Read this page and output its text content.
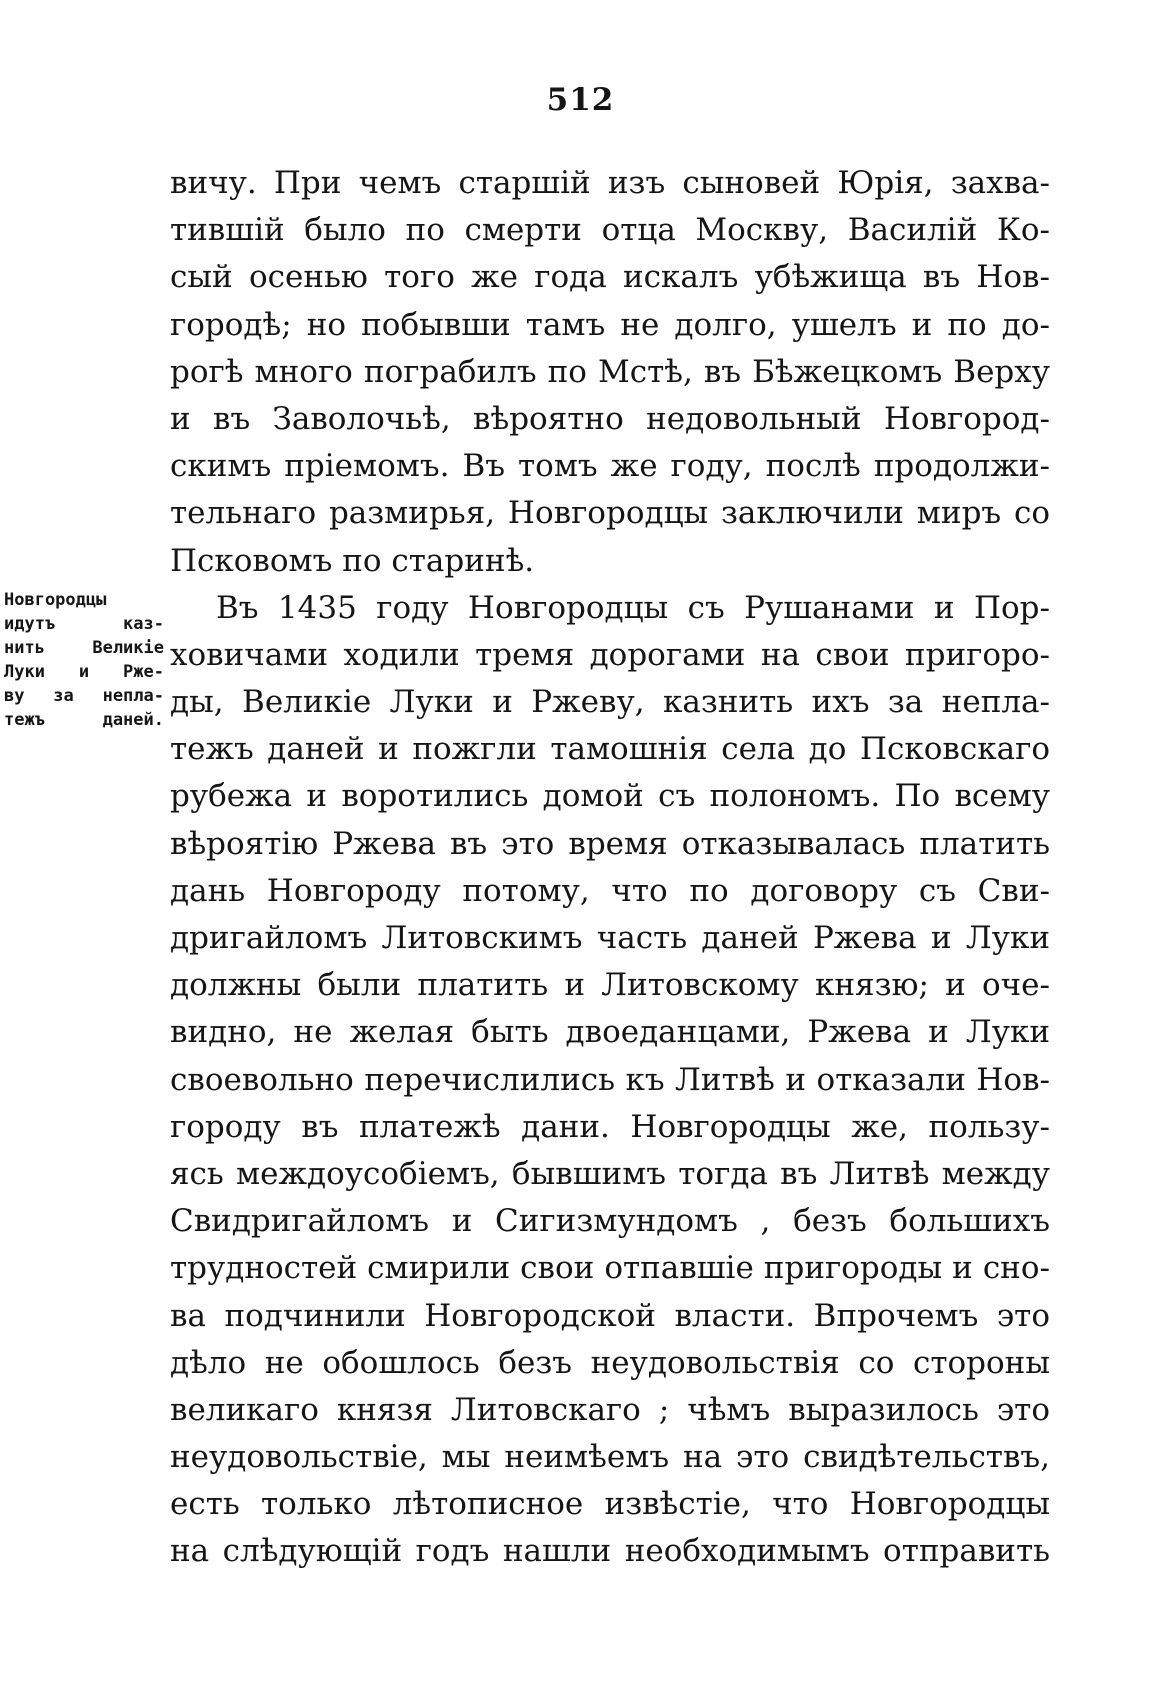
512
Новгородцы
идутъ каз-
нить Великіе
Луки и Рже-
ву за непла-
тежъ даней.
вичу. При чемъ старшій изъ сыновей Юрія, захва-
тившій было по смерти отца Москву, Василій Ко-
сый осенью того же года искалъ убѣжища въ Нов-
городѣ; но побывши тамъ не долго, ушелъ и по до-
рогѣ много пограбилъ по Мстѣ, въ Бѣжецкомъ Верху
и въ Заволочьѣ, вѣроятно недовольный Новгород-
скимъ пріемомъ. Въ томъ же году, послѣ продолжи-
тельнаго размирья, Новгородцы заключили миръ со
Псковомъ по старинѣ.
Въ 1435 году Новгородцы съ Рушанами и Пор-
ховичами ходили тремя дорогами на свои пригоро-
ды, Великіе Луки и Ржеву, казнить ихъ за непла-
тежъ даней и пожгли тамошнія села до Псковскаго
рубежа и воротились домой съ полономъ. По всему
вѣроятію Ржева въ это время отказывалась платить
дань Новгороду потому, что по договору съ Сви-
дригайломъ Литовскимъ часть даней Ржева и Луки
должны были платить и Литовскому князю; и оче-
видно, не желая быть двоеданцами, Ржева и Луки
своевольно перечислились къ Литвѣ и отказали Нов-
городу въ платежѣ дани. Новгородцы же, пользу-
ясь междоусобіемъ, бывшимъ тогда въ Литвѣ между
Свидригайломъ и Сигизмундомъ , безъ большихъ
трудностей смирили свои отпавшіе пригороды и сно-
ва подчинили Новгородской власти. Впрочемъ это
дѣло не обошлось безъ неудовольствія со стороны
великаго князя Литовскаго ; чѣмъ выразилось это
неудовольствіе, мы неимѣемъ на это свидѣтельствъ,
есть только лѣтописное извѣстіе, что Новгородцы
на слѣдующій годъ нашли необходимымъ отправить
